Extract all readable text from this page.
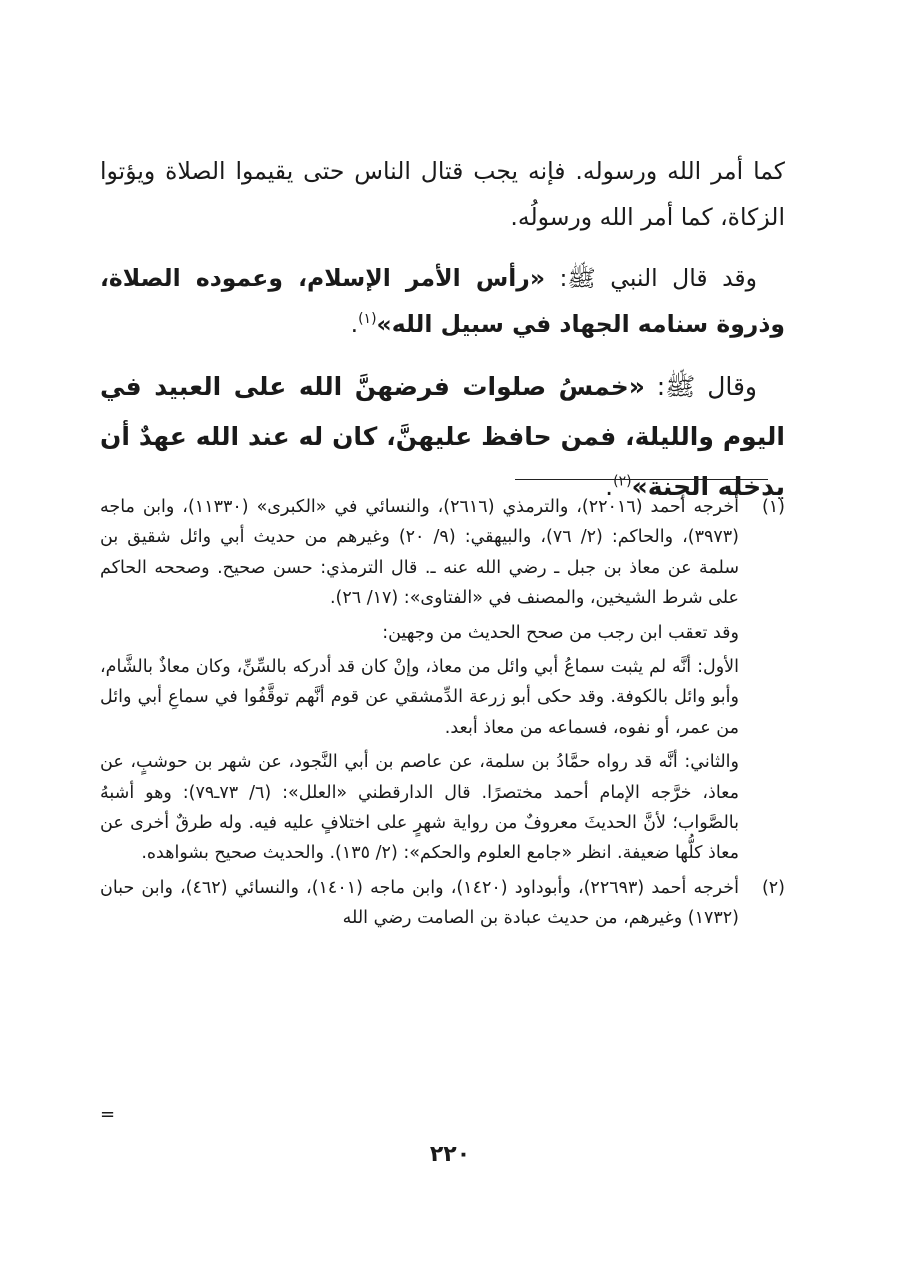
كما أمر الله ورسوله. فإنه يجب قتال الناس حتى يقيموا الصلاة ويؤتوا الزكاة، كما أمر الله ورسولُه.

وقد قال النبي ﷺ: «رأس الأمر الإسلام، وعموده الصلاة، وذروة سنامه الجهاد في سبيل الله»$^{(١)}$.

وقال ﷺ: «خمسُ صلوات فرضهنَّ الله على العبيد في اليوم والليلة، فمن حافظ عليهنَّ، كان له عند الله عهدٌ أن يدخله الجنة»$^{(٢)}$.

(١)

أخرجه أحمد (٢٢٠١٦)، والترمذي (٢٦١٦)، والنسائي في «الكبرى» (١١٣٣٠)، وابن ماجه (٣٩٧٣)، والحاكم: (٢/ ٧٦)، والبيهقي: (٩/ ٢٠) وغيرهم من حديث أبي وائل شقيق بن سلمة عن معاذ بن جبل ـ رضي الله عنه ـ. قال الترمذي: حسن صحيح. وصححه الحاكم على شرط الشيخين، والمصنف في «الفتاوى»: (١٧/ ٢٦).

وقد تعقب ابن رجب من صحح الحديث من وجهين:

الأول: أنَّه لم يثبت سماعُ أبي وائل من معاذ، وإنْ كان قد أدركه بالسِّنِّ، وكان معاذٌ بالشَّام، وأبو وائل بالكوفة. وقد حكى أبو زرعة الدِّمشقي عن قوم أنَّهم توقَّفُوا في سماعِ أبي وائل من عمر، أو نفوه، فسماعه من معاذ أبعد.

والثاني: أنَّه قد رواه حمَّادُ بن سلمة، عن عاصم بن أبي النَّجود، عن شهر بن حوشبٍ، عن معاذ، خرَّجه الإمام أحمد مختصرًا. قال الدارقطني «العلل»: (٦/ ٧٣ـ٧٩): وهو أشبهُ بالصَّواب؛ لأنَّ الحديثَ معروفٌ من رواية شهرٍ على اختلافٍ عليه فيه. وله طرقٌ أخرى عن معاذ كلُّها ضعيفة. انظر «جامع العلوم والحكم»: (٢/ ١٣٥). والحديث صحيح بشواهده.

(٢)

أخرجه أحمد (٢٢٦٩٣)، وأبوداود (١٤٢٠)، وابن ماجه (١٤٠١)، والنسائي (٤٦٢)، وابن حبان (١٧٣٢) وغيرهم، من حديث عبادة بن الصامت رضي الله

=
٢٢٠
